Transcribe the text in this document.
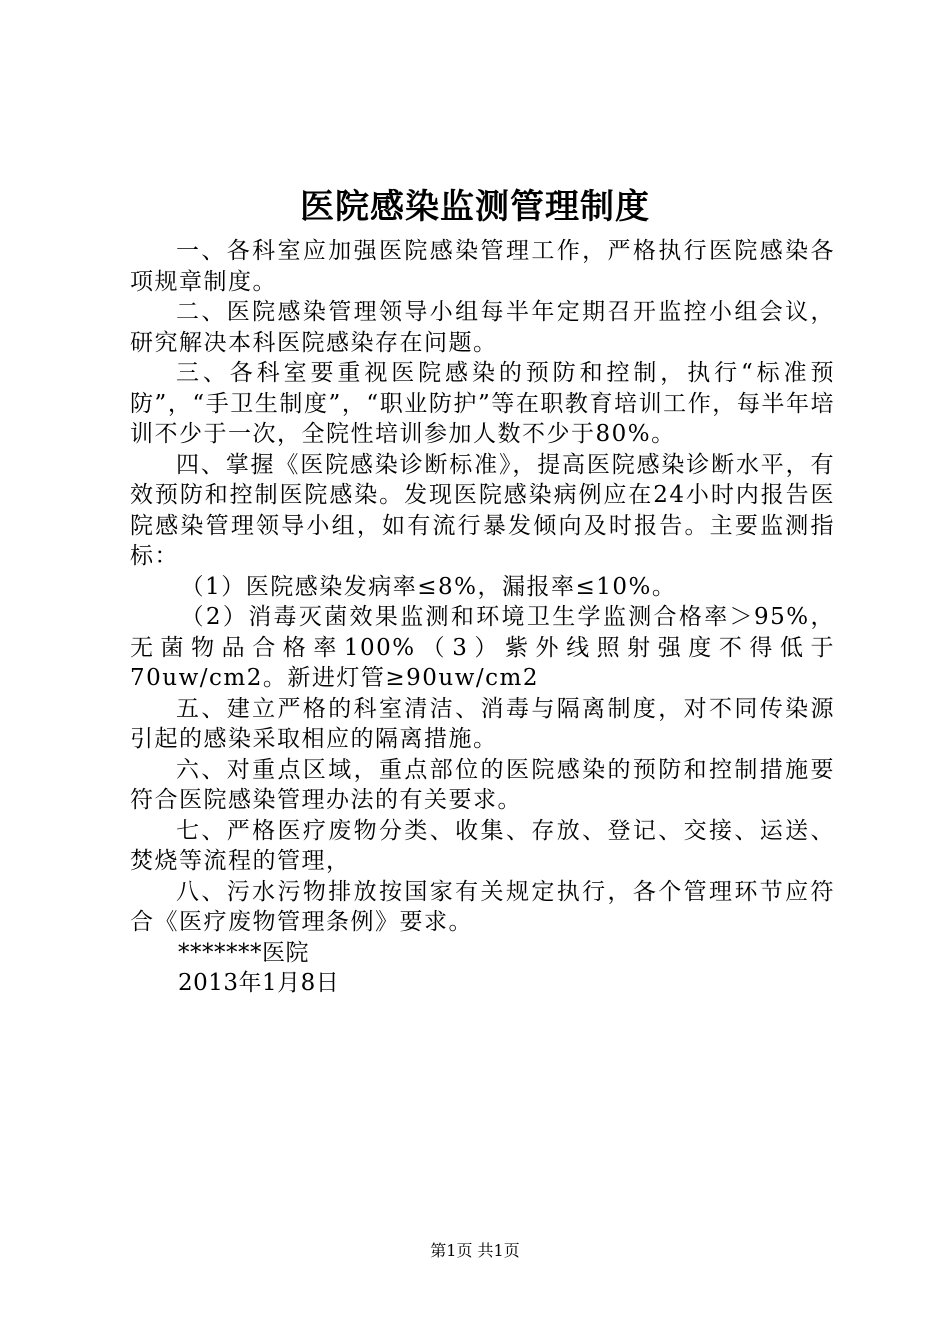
医院感染监测管理制度

一、各科室应加强医院感染管理工作，严格执行医院感染各项规章制度。

二、医院感染管理领导小组每半年定期召开监控小组会议，研究解决本科医院感染存在问题。

三、各科室要重视医院感染的预防和控制，执行“标准预防”，“手卫生制度”，“职业防护”等在职教育培训工作，每半年培训不少于一次，全院性培训参加人数不少于80%。

四、掌握《医院感染诊断标准》，提高医院感染诊断水平，有效预防和控制医院感染。发现医院感染病例应在24小时内报告医院感染管理领导小组，如有流行暴发倾向及时报告。主要监测指标：

（1）医院感染发病率≤8%，漏报率≤10%。

（2）消毒灭菌效果监测和环境卫生学监测合格率＞95%，无菌物品合格率100%（3）紫外线照射强度不得低于70uw/cm2。新进灯管≥90uw/cm2

五、建立严格的科室清洁、消毒与隔离制度，对不同传染源引起的感染采取相应的隔离措施。

六、对重点区域，重点部位的医院感染的预防和控制措施要符合医院感染管理办法的有关要求。

七、严格医疗废物分类、收集、存放、登记、交接、运送、焚烧等流程的管理，

八、污水污物排放按国家有关规定执行，各个管理环节应符合《医疗废物管理条例》要求。

*******医院

2013年1月8日

第1页 共1页
